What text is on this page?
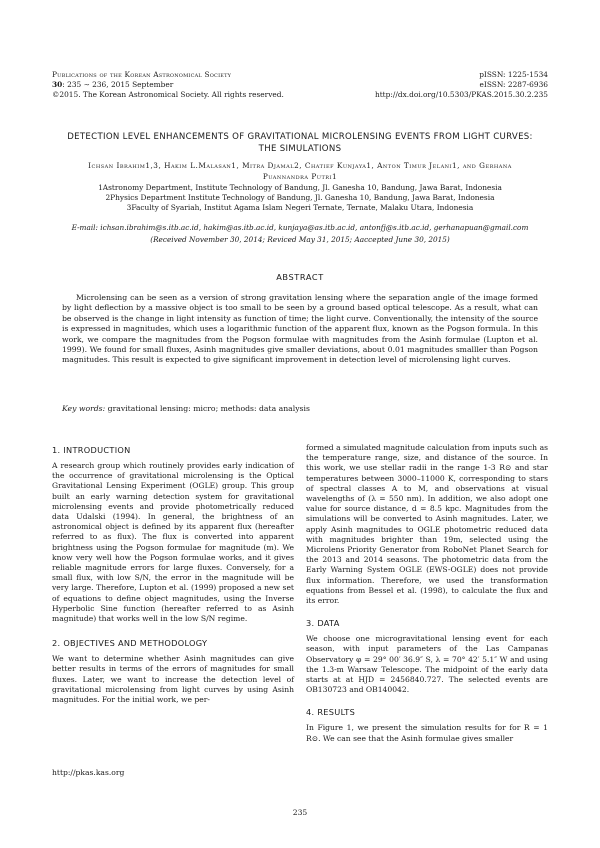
Publications of the Korean Astronomical Society
30: 235 ∼ 236, 2015 September
©2015. The Korean Astronomical Society. All rights reserved.
pISSN: 1225-1534
eISSN: 2287-6936
http://dx.doi.org/10.5303/PKAS.2015.30.2.235
DETECTION LEVEL ENHANCEMENTS OF GRAVITATIONAL MICROLENSING EVENTS FROM LIGHT CURVES:
THE SIMULATIONS
Ichsan Ibrahim1,3, Hakim L.Malasan1, Mitra Djamal2, Chatief Kunjaya1, Anton Timur Jelani1, and Gerhana
Puannandra Putri1
1Astronomy Department, Institute Technology of Bandung, Jl. Ganesha 10, Bandung, Jawa Barat, Indonesia
2Physics Department Institute Technology of Bandung, Jl. Ganesha 10, Bandung, Jawa Barat, Indonesia
3Faculty of Syariah, Institut Agama Islam Negeri Ternate, Ternate, Malaku Utara, Indonesia
E-mail: ichsan.ibrahim@s.itb.ac.id, hakim@as.itb.ac.id, kunjaya@as.itb.ac.id, antonfj@s.itb.ac.id, gerhanapuan@gmail.com
(Received November 30, 2014; Reviced May 31, 2015; Aaccepted June 30, 2015)
ABSTRACT
Microlensing can be seen as a version of strong gravitation lensing where the separation angle of the image formed by light deflection by a massive object is too small to be seen by a ground based optical telescope. As a result, what can be observed is the change in light intensity as function of time; the light curve. Conventionally, the intensity of the source is expressed in magnitudes, which uses a logarithmic function of the apparent flux, known as the Pogson formula. In this work, we compare the magnitudes from the Pogson formulae with magnitudes from the Asinh formulae (Lupton et al. 1999). We found for small fluxes, Asinh magnitudes give smaller deviations, about 0.01 magnitudes smalller than Pogson magnitudes. This result is expected to give significant improvement in detection level of microlensing light curves.
Key words: gravitational lensing: micro; methods: data analysis
1. INTRODUCTION
A research group which routinely provides early indication of the occurrence of gravitational microlensing is the Optical Gravitational Lensing Experiment (OGLE) group. This group built an early warning detection system for gravitational microlensing events and provide photometrically reduced data Udalski (1994). In general, the brightness of an astronomical object is defined by its apparent flux (hereafter referred to as flux). The flux is converted into apparent brightness using the Pogson formulae for magnitude (m). We know very well how the Pogson formulae works, and it gives reliable magnitude errors for large fluxes. Conversely, for a small flux, with low S/N, the error in the magnitude will be very large. Therefore, Lupton et al. (1999) proposed a new set of equations to define object magnitudes, using the Inverse Hyperbolic Sine function (hereafter referred to as Asinh magnitude) that works well in the low S/N regime.
2. OBJECTIVES AND METHODOLOGY
We want to determine whether Asinh magnitudes can give better results in terms of the errors of magnitudes for small fluxes. Later, we want to increase the detection level of gravitational microlensing from light curves by using Asinh magnitudes. For the initial work, we per-
formed a simulated magnitude calculation from inputs such as the temperature range, size, and distance of the source. In this work, we use stellar radii in the range 1-3 R⊙ and star temperatures between 3000–11000 K, corresponding to stars of spectral classes A to M, and observations at visual wavelengths of (λ = 550 nm). In addition, we also adopt one value for source distance, d = 8.5 kpc. Magnitudes from the simulations will be converted to Asinh magnitudes. Later, we apply Asinh magnitudes to OGLE photometric reduced data with magnitudes brighter than 19m, selected using the Microlens Priority Generator from RoboNet Planet Search for the 2013 and 2014 seasons. The photometric data from the Early Warning System OGLE (EWS-OGLE) does not provide flux information. Therefore, we used the transformation equations from Bessel et al. (1998), to calculate the flux and its error.
3. DATA
We choose one microgravitational lensing event for each season, with input parameters of the Las Campanas Observatory φ = 29° 00′ 36.9″ S, λ = 70° 42′ 5.1″ W and using the 1.3-m Warsaw Telescope. The midpoint of the early data starts at at HJD = 2456840.727. The selected events are OB130723 and OB140042.
4. RESULTS
In Figure 1, we present the simulation results for for R = 1 R⊙. We can see that the Asinh formulae gives smaller
http://pkas.kas.org
235
